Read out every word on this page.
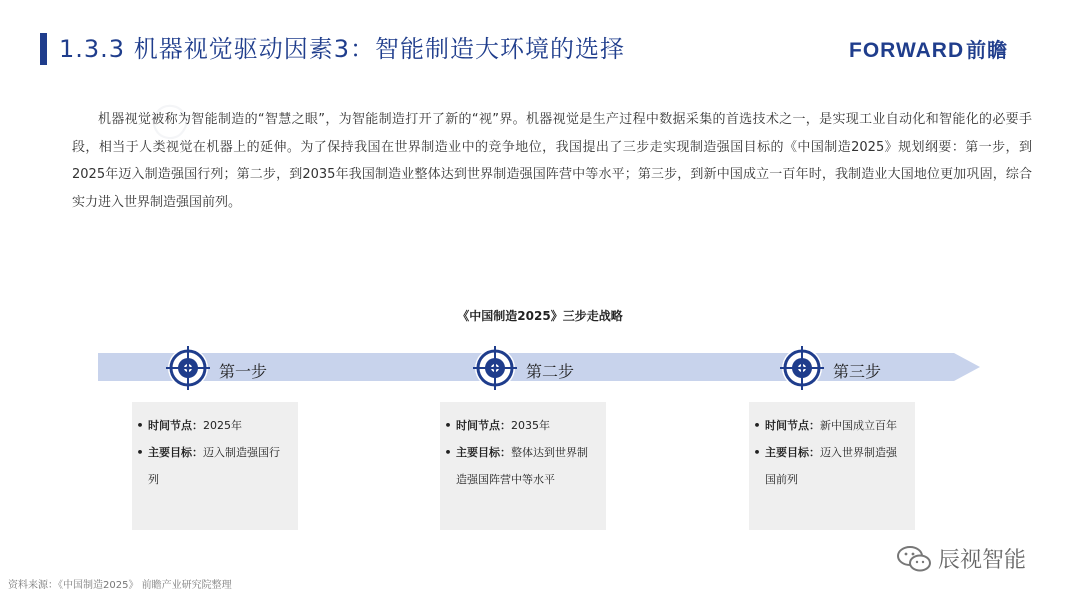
1.3.3 机器视觉驱动因素3：智能制造大环境的选择	FORWARD 前瞻
◯
机器视觉被称为智能制造的“智慧之眼”，为智能制造打开了新的“视”界。机器视觉是生产过程中数据采集的首选技术之一，是实现工业自动化和智能化的必要手段，相当于人类视觉在机器上的延伸。为了保持我国在世界制造业中的竞争地位，我国提出了三步走实现制造强国目标的《中国制造2025》规划纲要：第一步，到2025年迈入制造强国行列；第二步，到2035年我国制造业整体达到世界制造强国阵营中等水平；第三步，到新中国成立一百年时，我制造业大国地位更加巩固，综合实力进入世界制造强国前列。
《中国制造2025》三步走战略
第一步	第二步	第三步
• 时间节点：2025年
• 主要目标：迈入制造强国行列
• 时间节点：2035年
• 主要目标：整体达到世界制造强国阵营中等水平
• 时间节点：新中国成立百年
• 主要目标：迈入世界制造强国前列
资料来源：《中国制造2025》 前瞻产业研究院整理
辰视智能
